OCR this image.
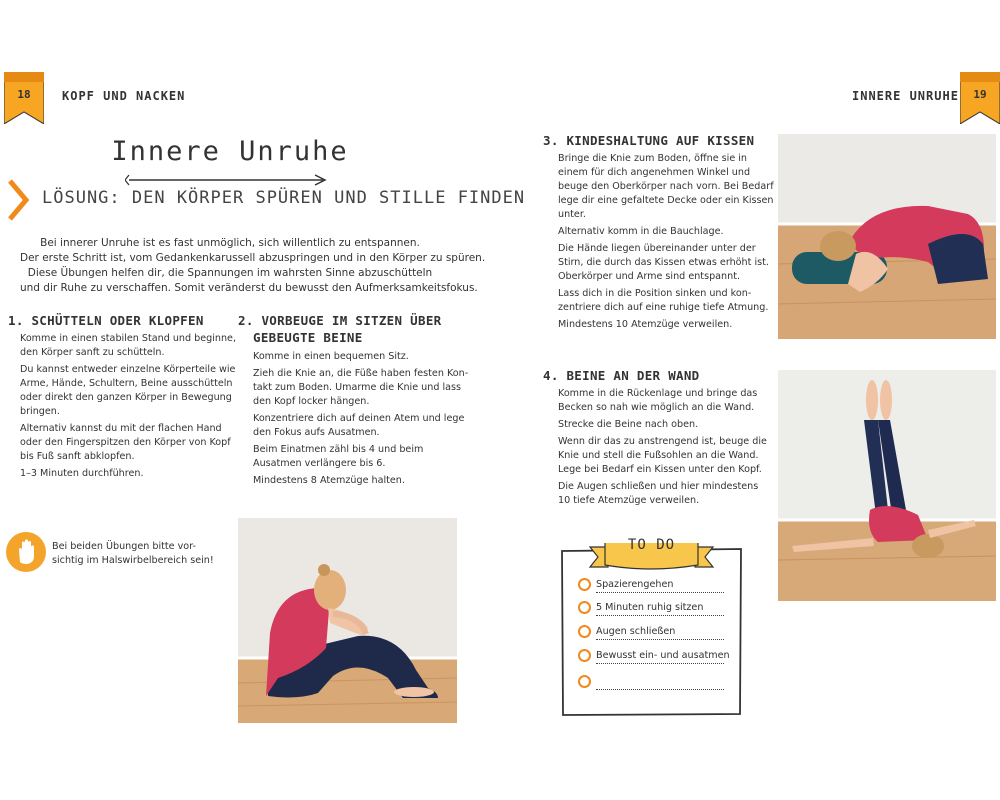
18	KOPF UND NACKEN
Innere Unruhe
LÖSUNG: DEN KÖRPER SPÜREN UND STILLE FINDEN
Bei innerer Unruhe ist es fast unmöglich, sich willentlich zu entspannen.
Der erste Schritt ist, vom Gedankenkarussell abzuspringen und in den Körper zu spüren.
Diese Übungen helfen dir, die Spannungen im wahrsten Sinne abzuschütteln
und dir Ruhe zu verschaffen. Somit veränderst du bewusst den Aufmerksamkeitsfokus.
1. SCHÜTTELN ODER KLOPFEN

Komme in einen stabilen Stand und beginne,
den Körper sanft zu schütteln.

Du kannst entweder einzelne Körperteile wie
Arme, Hände, Schultern, Beine ausschütteln
oder direkt den ganzen Körper in Bewegung
bringen.

Alternativ kannst du mit der flachen Hand
oder den Fingerspitzen den Körper von Kopf
bis Fuß sanft abklopfen.

1–3 Minuten durchführen.

2. VORBEUGE IM SITZEN ÜBER
GEBEUGTE BEINE

Komme in einen bequemen Sitz.

Zieh die Knie an, die Füße haben festen Kon-
takt zum Boden. Umarme die Knie und lass
den Kopf locker hängen.

Konzentriere dich auf deinen Atem und lege
den Fokus aufs Ausatmen.

Beim Einatmen zähl bis 4 und beim
Ausatmen verlängere bis 6.

Mindestens 8 Atemzüge halten.

Bei beiden Übungen bitte vor-
sichtig im Halswirbelbereich sein!
INNERE UNRUHE	19
3. KINDESHALTUNG AUF KISSEN

Bringe die Knie zum Boden, öffne sie in
einem für dich angenehmen Winkel und
beuge den Oberkörper nach vorn. Bei Bedarf
lege dir eine gefaltete Decke oder ein Kissen
unter.

Alternativ komm in die Bauchlage.

Die Hände liegen übereinander unter der
Stirn, die durch das Kissen etwas erhöht ist.
Oberkörper und Arme sind entspannt.

Lass dich in die Position sinken und kon-
zentriere dich auf eine ruhige tiefe Atmung.

Mindestens 10 Atemzüge verweilen.

4. BEINE AN DER WAND

Komme in die Rückenlage und bringe das
Becken so nah wie möglich an die Wand.

Strecke die Beine nach oben.

Wenn dir das zu anstrengend ist, beuge die
Knie und stell die Fußsohlen an die Wand.
Lege bei Bedarf ein Kissen unter den Kopf.

Die Augen schließen und hier mindestens
10 tiefe Atemzüge verweilen.

TO DO
Spazierengehen
5 Minuten ruhig sitzen
Augen schließen
Bewusst ein- und ausatmen
